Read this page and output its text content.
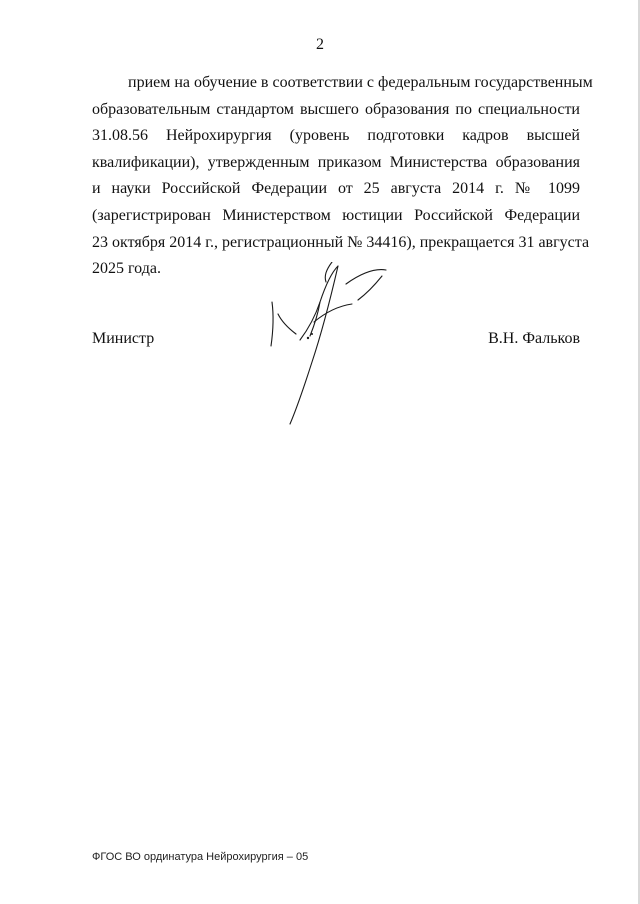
2
прием на обучение в соответствии с федеральным государственным
образовательным стандартом высшего образования по специальности
31.08.56 Нейрохирургия (уровень подготовки кадров высшей
квалификации), утвержденным приказом Министерства образования
и науки Российской Федерации от 25 августа 2014 г. № 1099
(зарегистрирован Министерством юстиции Российской Федерации
23 октября 2014 г., регистрационный № 34416), прекращается 31 августа
2025 года.
Министр	В.Н. Фальков
ФГОС ВО ординатура Нейрохирургия – 05
